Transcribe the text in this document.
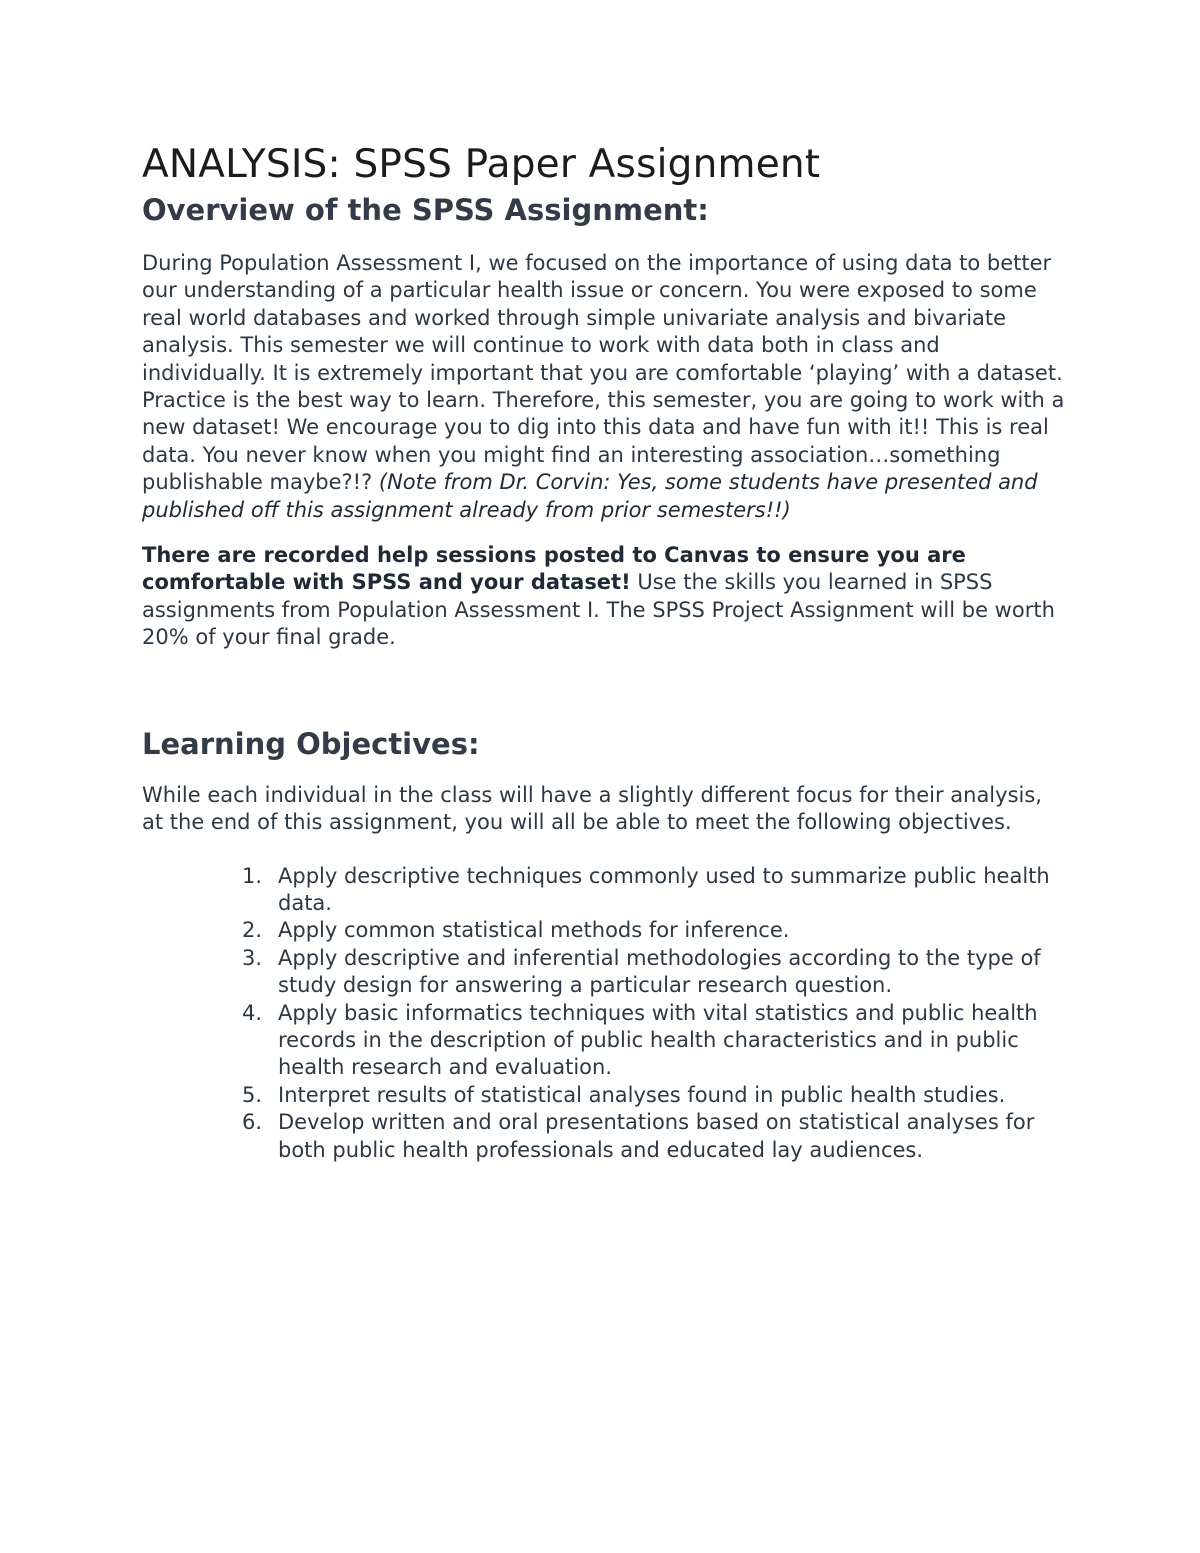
ANALYSIS: SPSS Paper Assignment
Overview of the SPSS Assignment:

During Population Assessment I, we focused on the importance of using data to better our understanding of a particular health issue or concern. You were exposed to some real world databases and worked through simple univariate analysis and bivariate analysis. This semester we will continue to work with data both in class and individually. It is extremely important that you are comfortable ‘playing’ with a dataset. Practice is the best way to learn. Therefore, this semester, you are going to work with a new dataset! We encourage you to dig into this data and have fun with it!! This is real data. You never know when you might find an interesting association…something publishable maybe?!? (Note from Dr. Corvin: Yes, some students have presented and published off this assignment already from prior semesters!!)

There are recorded help sessions posted to Canvas to ensure you are comfortable with SPSS and your dataset! Use the skills you learned in SPSS assignments from Population Assessment I. The SPSS Project Assignment will be worth 20% of your final grade.

Learning Objectives:

While each individual in the class will have a slightly different focus for their analysis, at the end of this assignment, you will all be able to meet the following objectives.

1. Apply descriptive techniques commonly used to summarize public health data.
2. Apply common statistical methods for inference.
3. Apply descriptive and inferential methodologies according to the type of study design for answering a particular research question.
4. Apply basic informatics techniques with vital statistics and public health records in the description of public health characteristics and in public health research and evaluation.
5. Interpret results of statistical analyses found in public health studies.
6. Develop written and oral presentations based on statistical analyses for both public health professionals and educated lay audiences.
